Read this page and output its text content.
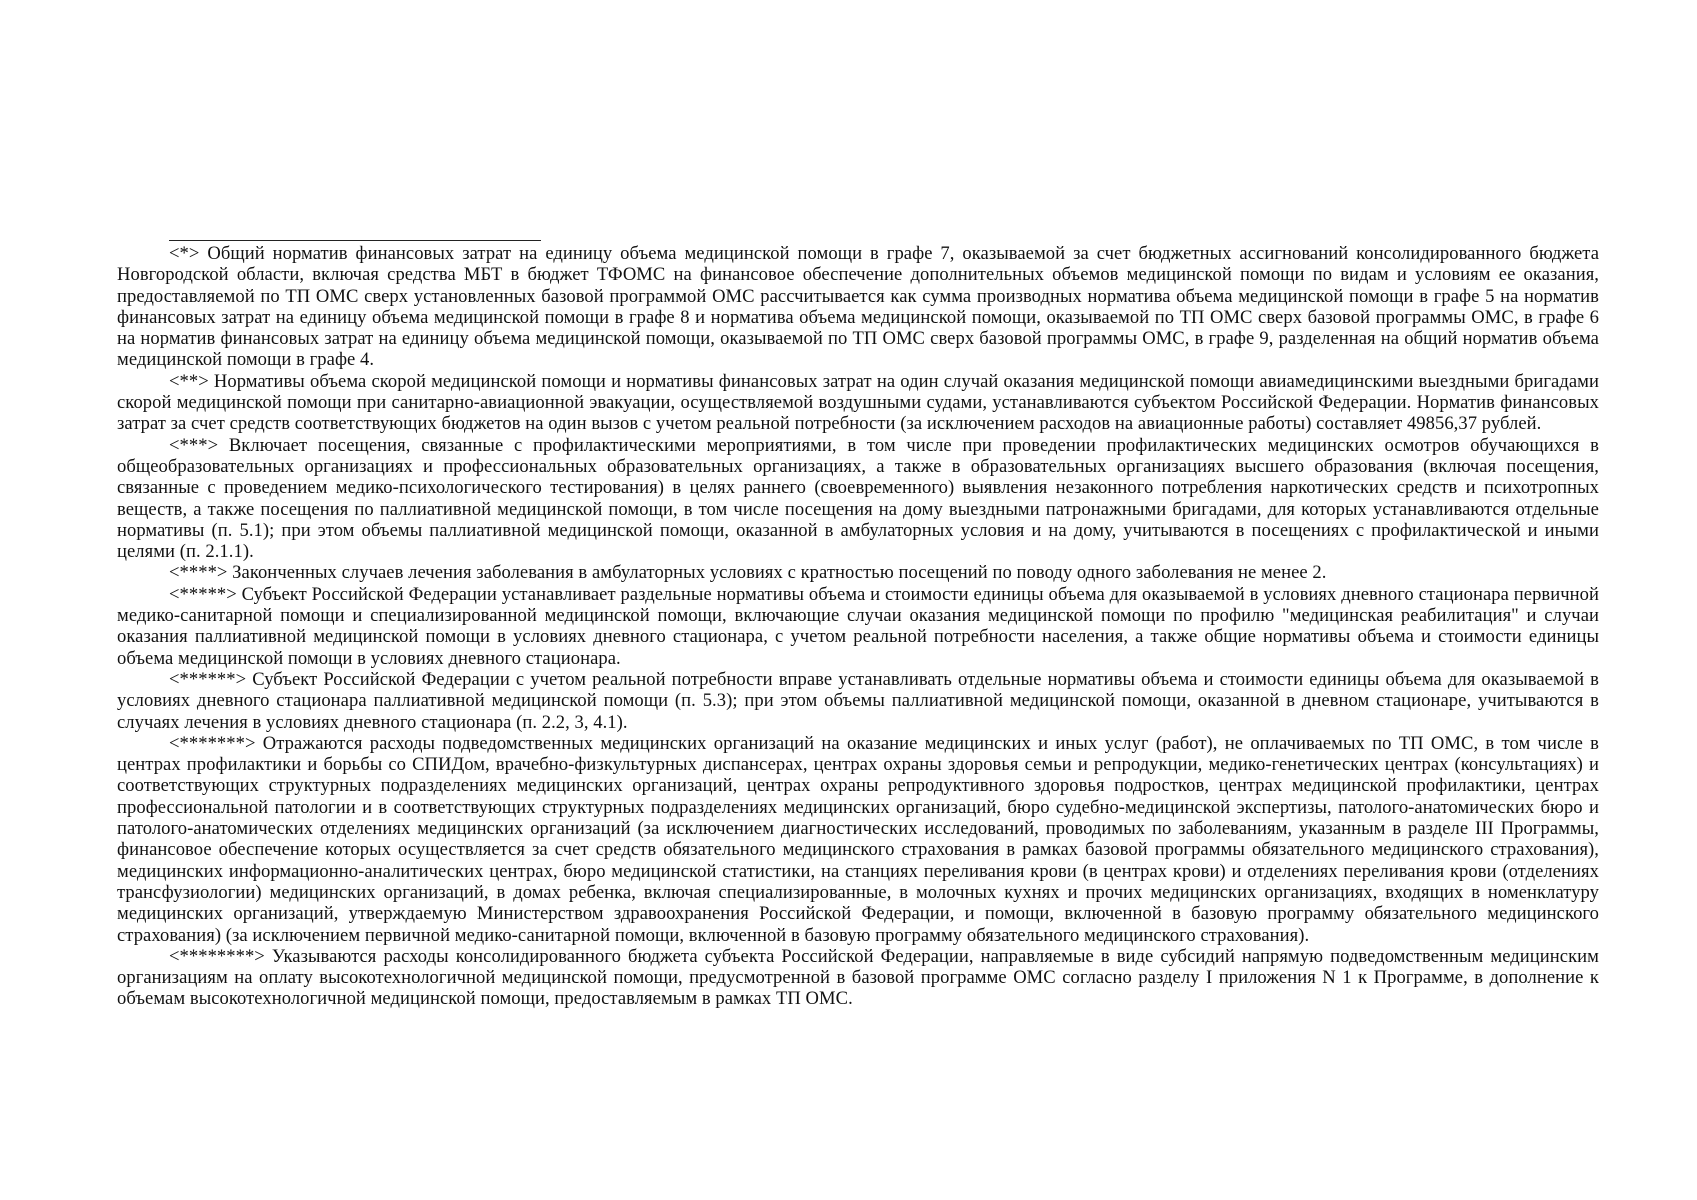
<*> Общий норматив финансовых затрат на единицу объема медицинской помощи в графе 7, оказываемой за счет бюджетных ассигнований консолидированного бюджета Новгородской области, включая средства МБТ в бюджет ТФОМС на финансовое обеспечение дополнительных объемов медицинской помощи по видам и условиям ее оказания, предоставляемой по ТП ОМС сверх установленных базовой программой ОМС рассчитывается как сумма производных норматива объема медицинской помощи в графе 5 на норматив финансовых затрат на единицу объема медицинской помощи в графе 8 и норматива объема медицинской помощи, оказываемой по ТП ОМС сверх базовой программы ОМС, в графе 6 на норматив финансовых затрат на единицу объема медицинской помощи, оказываемой по ТП ОМС сверх базовой программы ОМС, в графе 9, разделенная на общий норматив объема медицинской помощи в графе 4.

<**> Нормативы объема скорой медицинской помощи и нормативы финансовых затрат на один случай оказания медицинской помощи авиамедицинскими выездными бригадами скорой медицинской помощи при санитарно-авиационной эвакуации, осуществляемой воздушными судами, устанавливаются субъектом Российской Федерации. Норматив финансовых затрат за счет средств соответствующих бюджетов на один вызов с учетом реальной потребности (за исключением расходов на авиационные работы) составляет 49856,37 рублей.

<***> Включает посещения, связанные с профилактическими мероприятиями, в том числе при проведении профилактических медицинских осмотров обучающихся в общеобразовательных организациях и профессиональных образовательных организациях, а также в образовательных организациях высшего образования (включая посещения, связанные с проведением медико-психологического тестирования) в целях раннего (своевременного) выявления незаконного потребления наркотических средств и психотропных веществ, а также посещения по паллиативной медицинской помощи, в том числе посещения на дому выездными патронажными бригадами, для которых устанавливаются отдельные нормативы (п. 5.1); при этом объемы паллиативной медицинской помощи, оказанной в амбулаторных условия и на дому, учитываются в посещениях с профилактической и иными целями (п. 2.1.1).

<****> Законченных случаев лечения заболевания в амбулаторных условиях с кратностью посещений по поводу одного заболевания не менее 2.

<*****> Субъект Российской Федерации устанавливает раздельные нормативы объема и стоимости единицы объема для оказываемой в условиях дневного стационара первичной медико-санитарной помощи и специализированной медицинской помощи, включающие случаи оказания медицинской помощи по профилю "медицинская реабилитация" и случаи оказания паллиативной медицинской помощи в условиях дневного стационара, с учетом реальной потребности населения, а также общие нормативы объема и стоимости единицы объема медицинской помощи в условиях дневного стационара.

<******> Субъект Российской Федерации с учетом реальной потребности вправе устанавливать отдельные нормативы объема и стоимости единицы объема для оказываемой в условиях дневного стационара паллиативной медицинской помощи (п. 5.3); при этом объемы паллиативной медицинской помощи, оказанной в дневном стационаре, учитываются в случаях лечения в условиях дневного стационара (п. 2.2, 3, 4.1).

<*******> Отражаются расходы подведомственных медицинских организаций на оказание медицинских и иных услуг (работ), не оплачиваемых по ТП ОМС, в том числе в центрах профилактики и борьбы со СПИДом, врачебно-физкультурных диспансерах, центрах охраны здоровья семьи и репродукции, медико-генетических центрах (консультациях) и соответствующих структурных подразделениях медицинских организаций, центрах охраны репродуктивного здоровья подростков, центрах медицинской профилактики, центрах профессиональной патологии и в соответствующих структурных подразделениях медицинских организаций, бюро судебно-медицинской экспертизы, патолого-анатомических бюро и патолого-анатомических отделениях медицинских организаций (за исключением диагностических исследований, проводимых по заболеваниям, указанным в разделе III Программы, финансовое обеспечение которых осуществляется за счет средств обязательного медицинского страхования в рамках базовой программы обязательного медицинского страхования), медицинских информационно-аналитических центрах, бюро медицинской статистики, на станциях переливания крови (в центрах крови) и отделениях переливания крови (отделениях трансфузиологии) медицинских организаций, в домах ребенка, включая специализированные, в молочных кухнях и прочих медицинских организациях, входящих в номенклатуру медицинских организаций, утверждаемую Министерством здравоохранения Российской Федерации, и помощи, включенной в базовую программу обязательного медицинского страхования) (за исключением первичной медико-санитарной помощи, включенной в базовую программу обязательного медицинского страхования).

<********> Указываются расходы консолидированного бюджета субъекта Российской Федерации, направляемые в виде субсидий напрямую подведомственным медицинским организациям на оплату высокотехнологичной медицинской помощи, предусмотренной в базовой программе ОМС согласно разделу I приложения N 1 к Программе, в дополнение к объемам высокотехнологичной медицинской помощи, предоставляемым в рамках ТП ОМС.
